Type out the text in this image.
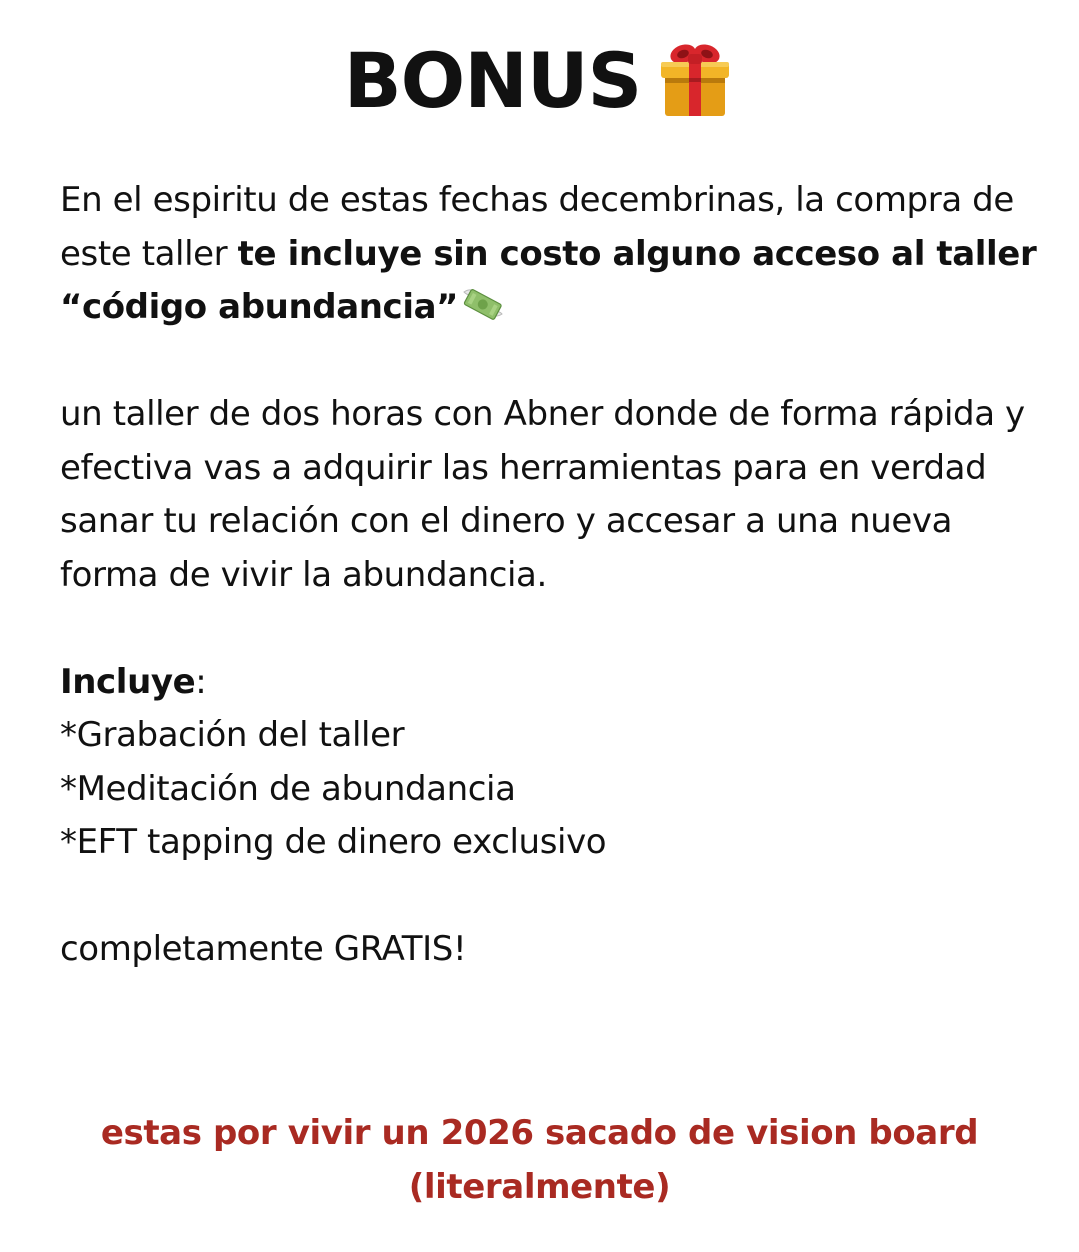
BONUS

En el espiritu de estas fechas decembrinas, la compra de este taller te incluye sin costo alguno acceso al taller “código abundancia”

un taller de dos horas con Abner donde de forma rápida y efectiva vas a adquirir las herramientas para en verdad sanar tu relación con el dinero y accesar a una nueva forma de vivir la abundancia.

Incluye:

*Grabación del taller

*Meditación de abundancia

*EFT tapping de dinero exclusivo

completamente GRATIS!

estas por vivir un 2026 sacado de vision board
(literalmente)
